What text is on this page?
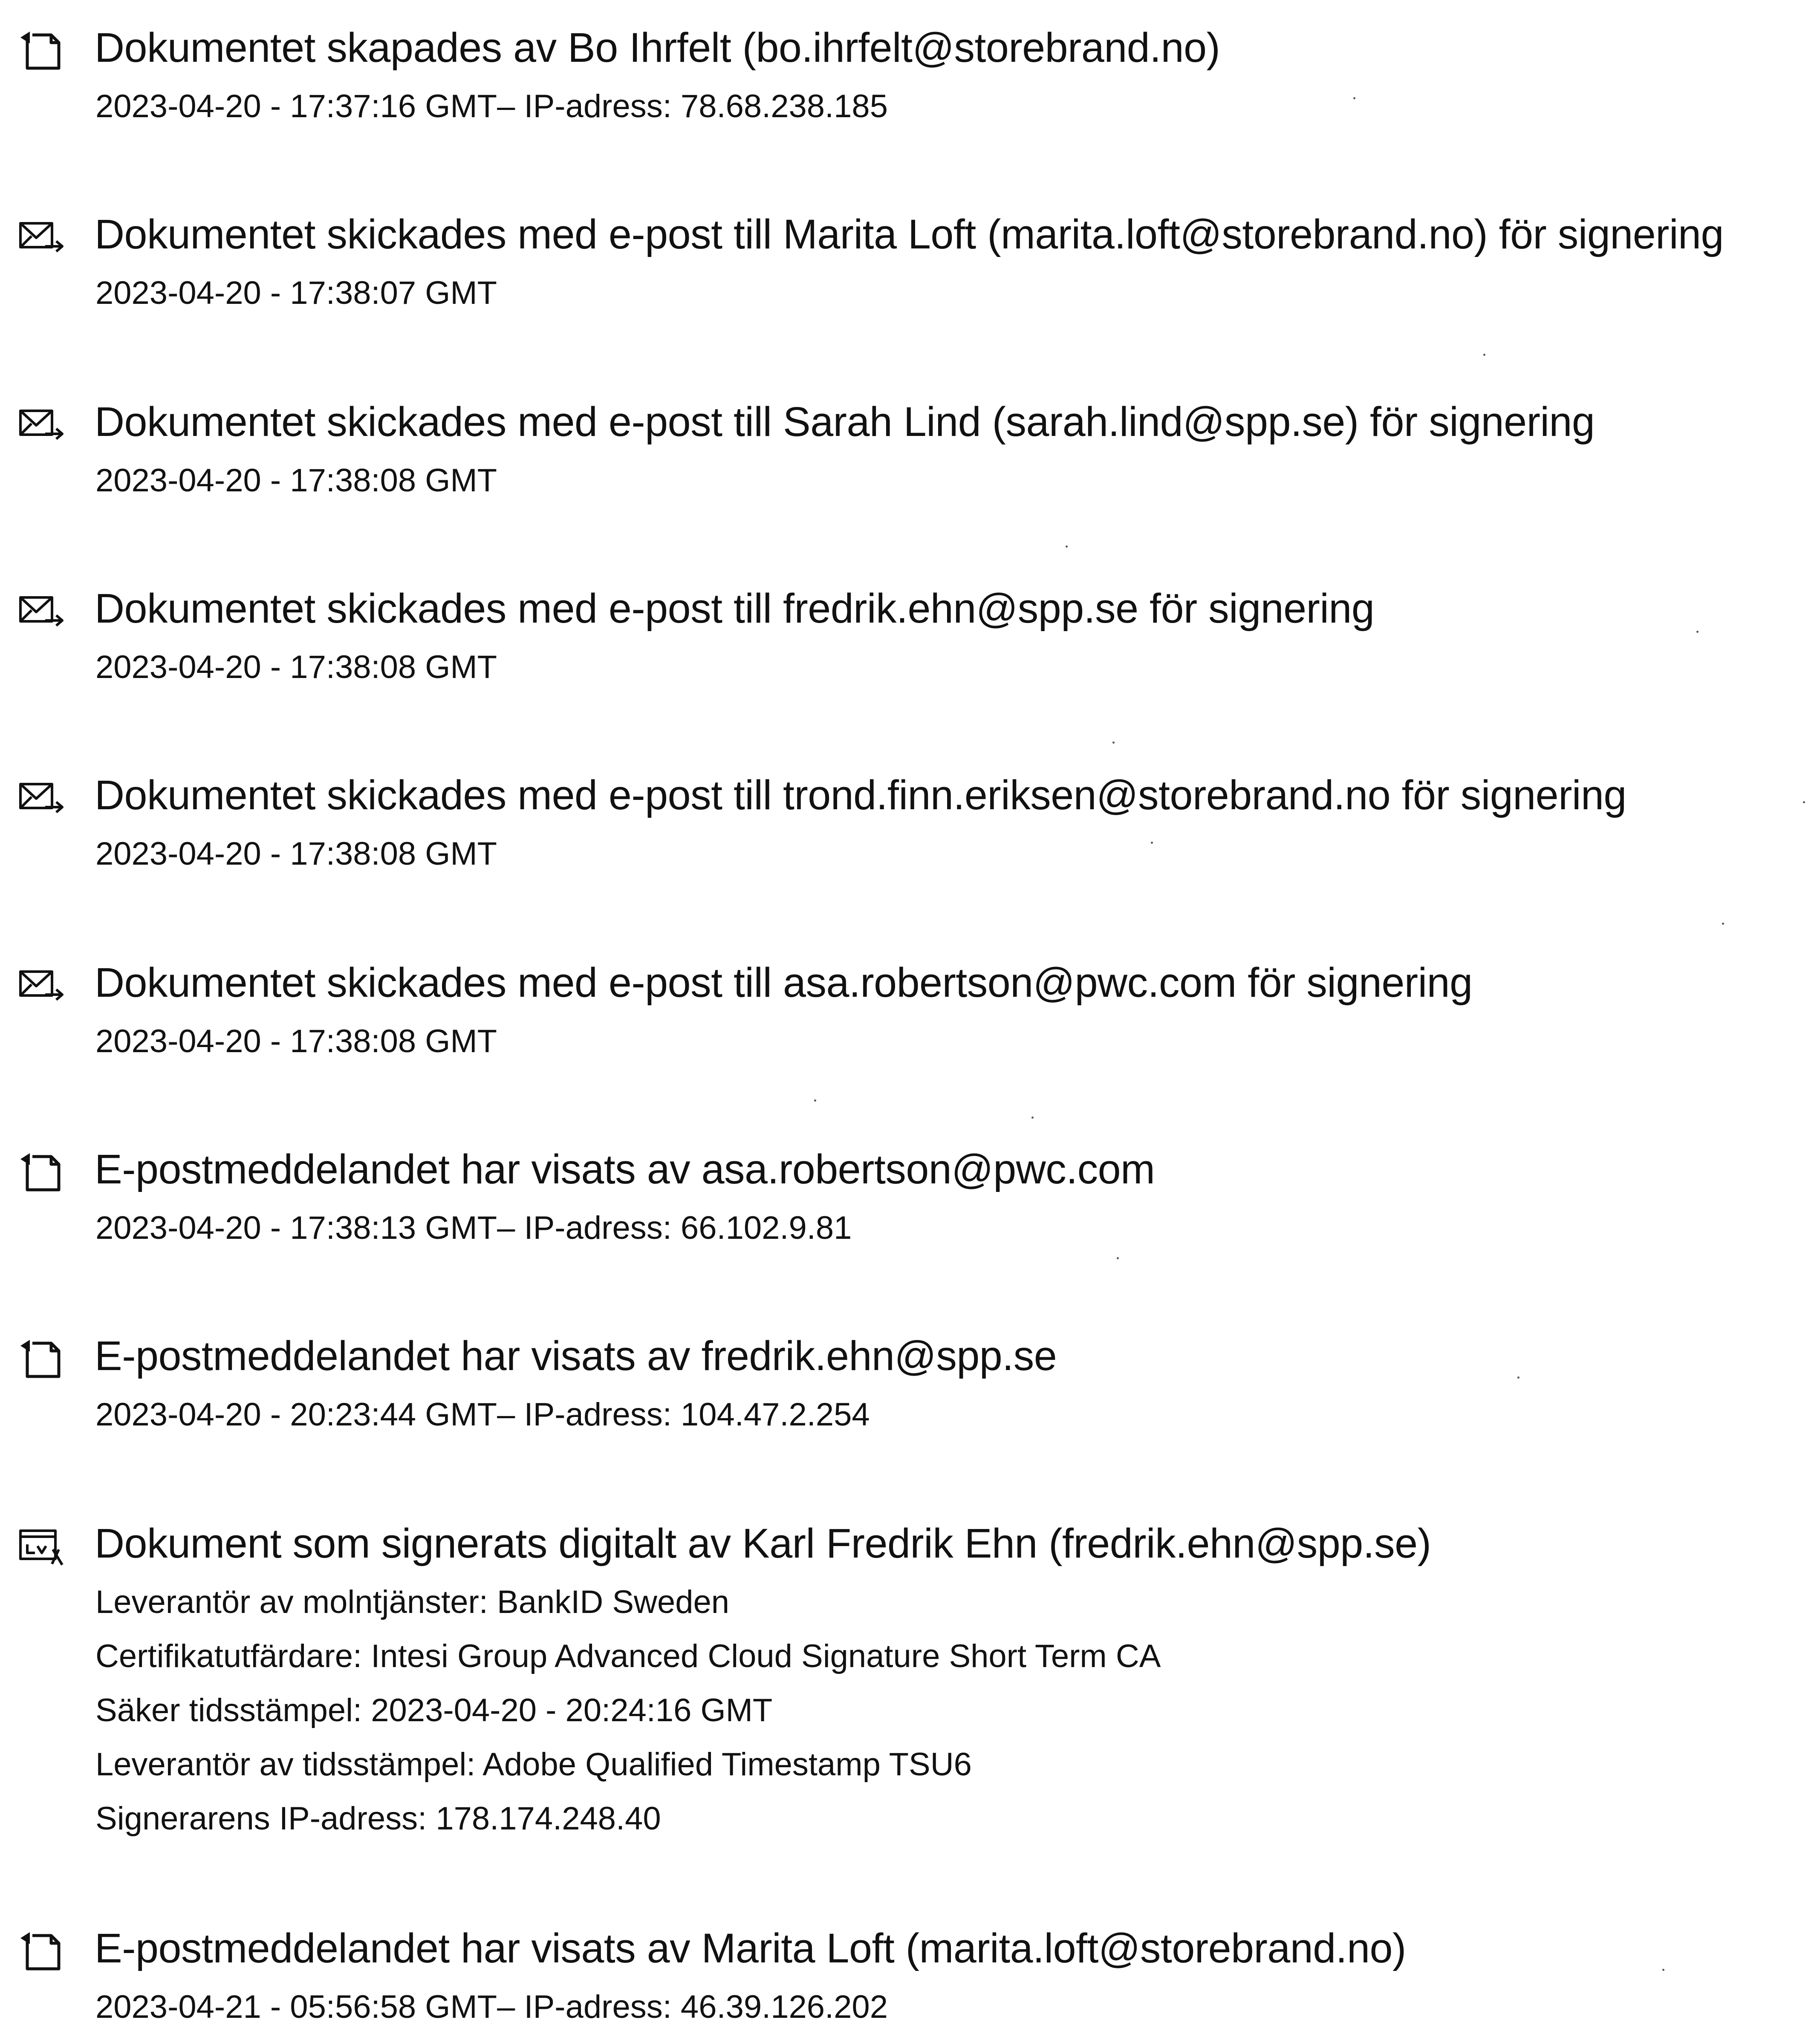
Dokumentet skapades av Bo Ihrfelt (bo.ihrfelt@storebrand.no)
2023-04-20 - 17:37:16 GMT– IP-adress: 78.68.238.185
Dokumentet skickades med e-post till Marita Loft (marita.loft@storebrand.no) för signering
2023-04-20 - 17:38:07 GMT
Dokumentet skickades med e-post till Sarah Lind (sarah.lind@spp.se) för signering
2023-04-20 - 17:38:08 GMT
Dokumentet skickades med e-post till fredrik.ehn@spp.se för signering
2023-04-20 - 17:38:08 GMT
Dokumentet skickades med e-post till trond.finn.eriksen@storebrand.no för signering
2023-04-20 - 17:38:08 GMT
Dokumentet skickades med e-post till asa.robertson@pwc.com för signering
2023-04-20 - 17:38:08 GMT
E-postmeddelandet har visats av asa.robertson@pwc.com
2023-04-20 - 17:38:13 GMT– IP-adress: 66.102.9.81
E-postmeddelandet har visats av fredrik.ehn@spp.se
2023-04-20 - 20:23:44 GMT– IP-adress: 104.47.2.254
Dokument som signerats digitalt av Karl Fredrik Ehn (fredrik.ehn@spp.se)
Leverantör av molntjänster: BankID Sweden
Certifikatutfärdare: Intesi Group Advanced Cloud Signature Short Term CA
Säker tidsstämpel: 2023-04-20 - 20:24:16 GMT
Leverantör av tidsstämpel: Adobe Qualified Timestamp TSU6
Signerarens IP-adress: 178.174.248.40
E-postmeddelandet har visats av Marita Loft (marita.loft@storebrand.no)
2023-04-21 - 05:56:58 GMT– IP-adress: 46.39.126.202
